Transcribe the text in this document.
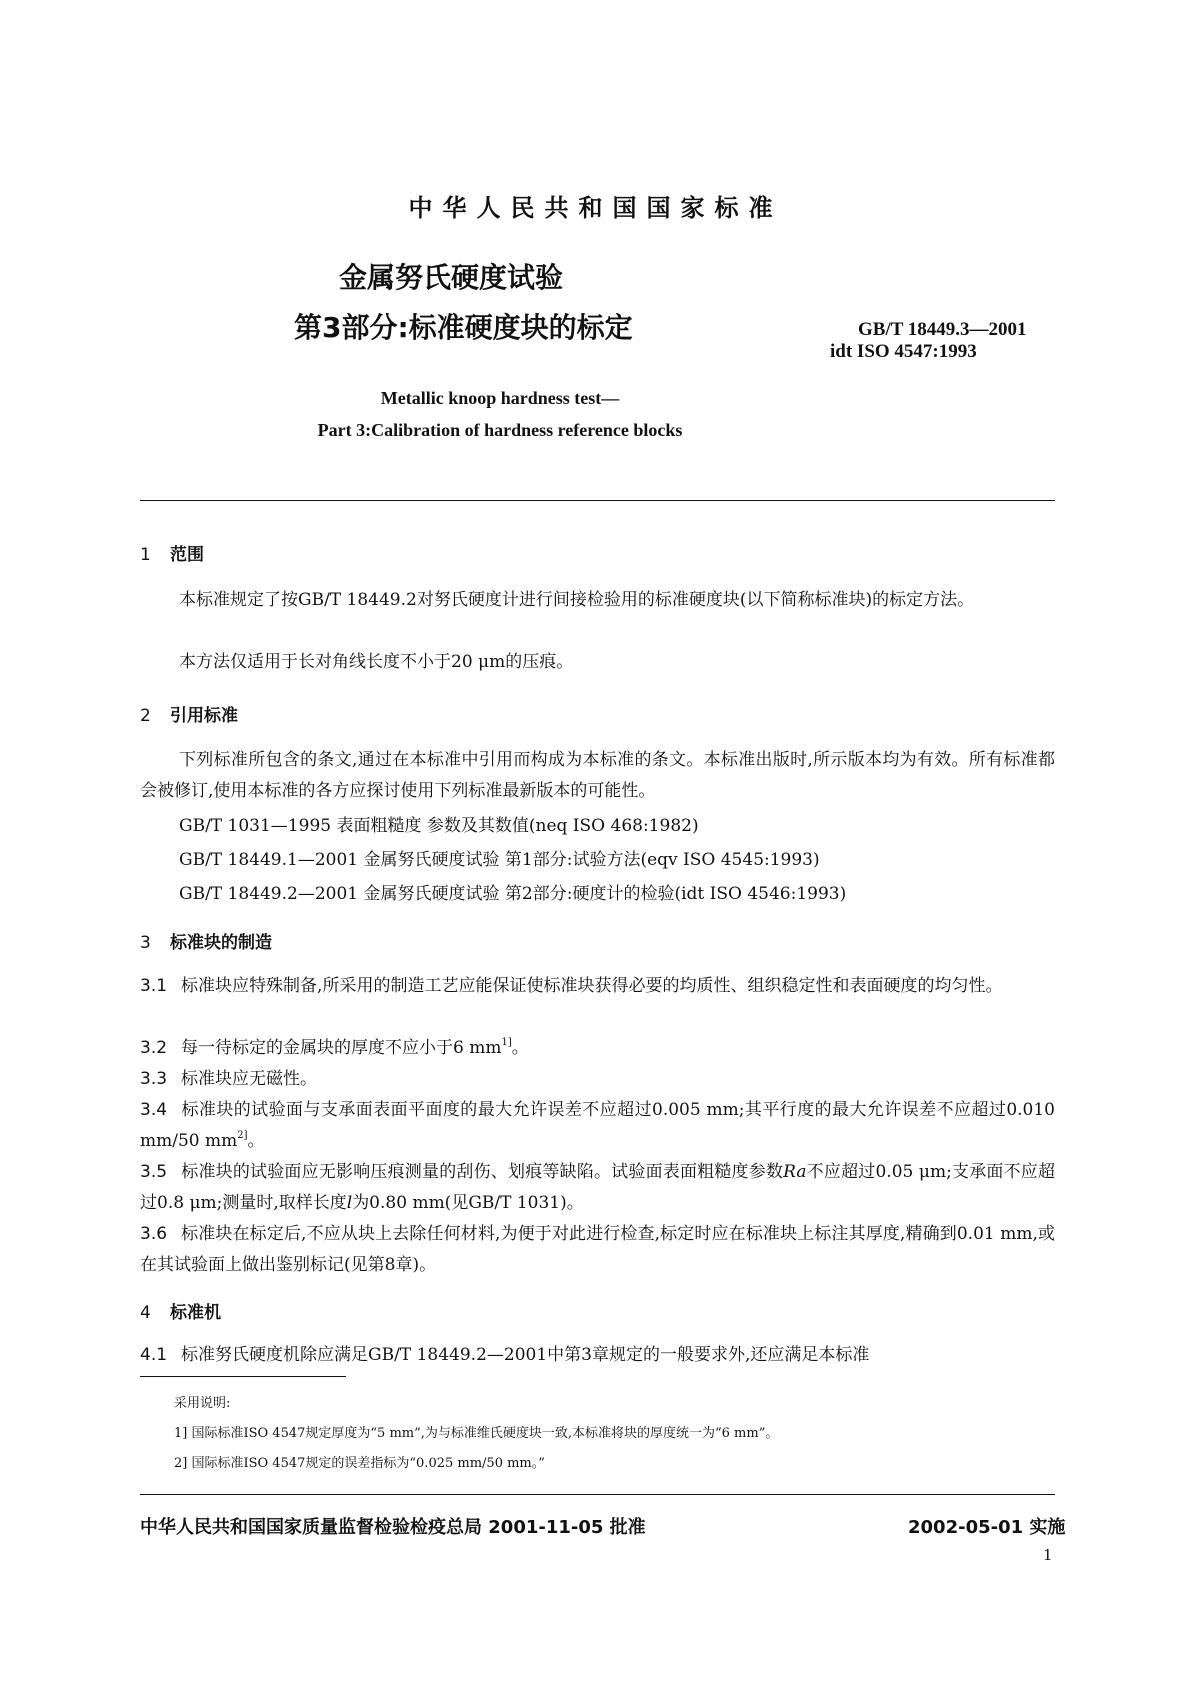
中华人民共和国国家标准
金属努氏硬度试验
第3部分:标准硬度块的标定	GB/T 18449.3—2001
idt ISO 4547:1993
Metallic knoop hardness test—
Part 3:Calibration of hardness reference blocks
1 范围
本标准规定了按GB/T 18449.2对努氏硬度计进行间接检验用的标准硬度块(以下简称标准块)的标定方法。
本方法仅适用于长对角线长度不小于20 μm的压痕。
2 引用标准
下列标准所包含的条文,通过在本标准中引用而构成为本标准的条文。本标准出版时,所示版本均为有效。所有标准都会被修订,使用本标准的各方应探讨使用下列标准最新版本的可能性。
GB/T 1031—1995 表面粗糙度 参数及其数值(neq ISO 468:1982)
GB/T 18449.1—2001 金属努氏硬度试验 第1部分:试验方法(eqv ISO 4545:1993)
GB/T 18449.2—2001 金属努氏硬度试验 第2部分:硬度计的检验(idt ISO 4546:1993)
3 标准块的制造
3.1 标准块应特殊制备,所采用的制造工艺应能保证使标准块获得必要的均质性、组织稳定性和表面硬度的均匀性。
3.2 每一待标定的金属块的厚度不应小于6 $mm^{1]}$。
3.3 标准块应无磁性。
3.4 标准块的试验面与支承面表面平面度的最大允许误差不应超过0.005 mm;其平行度的最大允许误差不应超过0.010 mm/50 $mm^{2]}$。
3.5 标准块的试验面应无影响压痕测量的刮伤、划痕等缺陷。试验面表面粗糙度参数Ra不应超过0.05 μm;支承面不应超过0.8 μm;测量时,取样长度l为0.80 mm(见GB/T 1031)。
3.6 标准块在标定后,不应从块上去除任何材料,为便于对此进行检查,标定时应在标准块上标注其厚度,精确到0.01 mm,或在其试验面上做出鉴别标记(见第8章)。
4 标准机
4.1 标准努氏硬度机除应满足GB/T 18449.2—2001中第3章规定的一般要求外,还应满足本标准
采用说明:
1] 国际标准ISO 4547规定厚度为“5 mm”,为与标准维氏硬度块一致,本标准将块的厚度统一为“6 mm”。
2] 国际标准ISO 4547规定的误差指标为“0.025 mm/50 mm。”
中华人民共和国国家质量监督检验检疫总局 2001-11-05 批准	2002-05-01 实施
1
